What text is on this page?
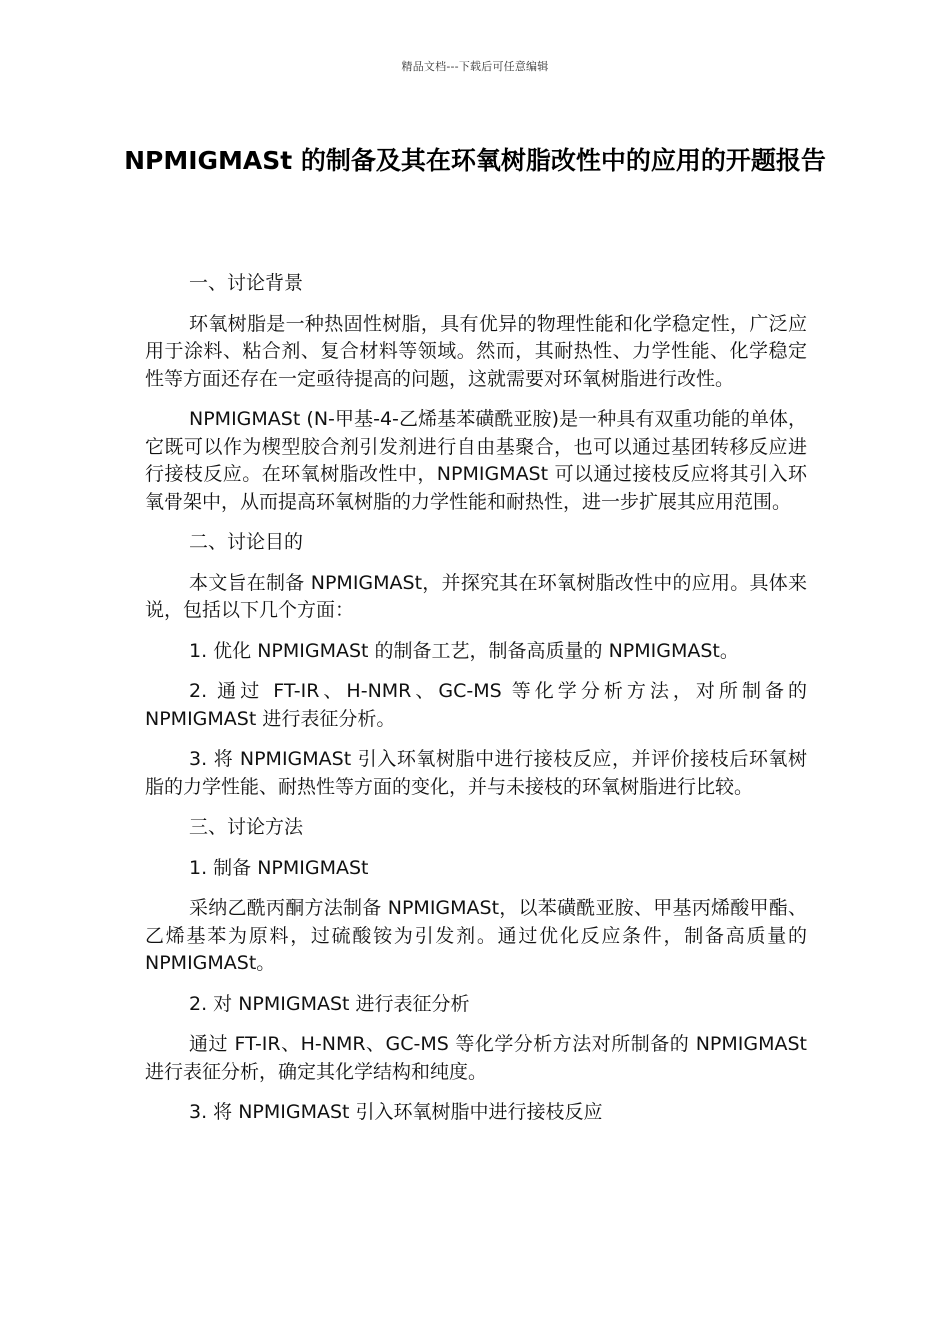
精品文档---下载后可任意编辑
NPMIGMASt 的制备及其在环氧树脂改性中的应用的开题报告

一、讨论背景

环氧树脂是一种热固性树脂，具有优异的物理性能和化学稳定性，广泛应用于涂料、粘合剂、复合材料等领域。然而，其耐热性、力学性能、化学稳定性等方面还存在一定亟待提高的问题，这就需要对环氧树脂进行改性。

NPMIGMASt (N-甲基-4-乙烯基苯磺酰亚胺)是一种具有双重功能的单体，它既可以作为楔型胶合剂引发剂进行自由基聚合，也可以通过基团转移反应进行接枝反应。在环氧树脂改性中，NPMIGMASt 可以通过接枝反应将其引入环氧骨架中，从而提高环氧树脂的力学性能和耐热性，进一步扩展其应用范围。

二、讨论目的

本文旨在制备 NPMIGMASt，并探究其在环氧树脂改性中的应用。具体来说，包括以下几个方面：

1. 优化 NPMIGMASt 的制备工艺，制备高质量的 NPMIGMASt。

2. 通过 FT-IR、H-NMR、GC-MS 等化学分析方法，对所制备的 NPMIGMASt 进行表征分析。

3. 将 NPMIGMASt 引入环氧树脂中进行接枝反应，并评价接枝后环氧树脂的力学性能、耐热性等方面的变化，并与未接枝的环氧树脂进行比较。

三、讨论方法

1. 制备 NPMIGMASt

采纳乙酰丙酮方法制备 NPMIGMASt，以苯磺酰亚胺、甲基丙烯酸甲酯、乙烯基苯为原料，过硫酸铵为引发剂。通过优化反应条件，制备高质量的 NPMIGMASt。

2. 对 NPMIGMASt 进行表征分析

通过 FT-IR、H-NMR、GC-MS 等化学分析方法对所制备的 NPMIGMASt 进行表征分析，确定其化学结构和纯度。

3. 将 NPMIGMASt 引入环氧树脂中进行接枝反应
